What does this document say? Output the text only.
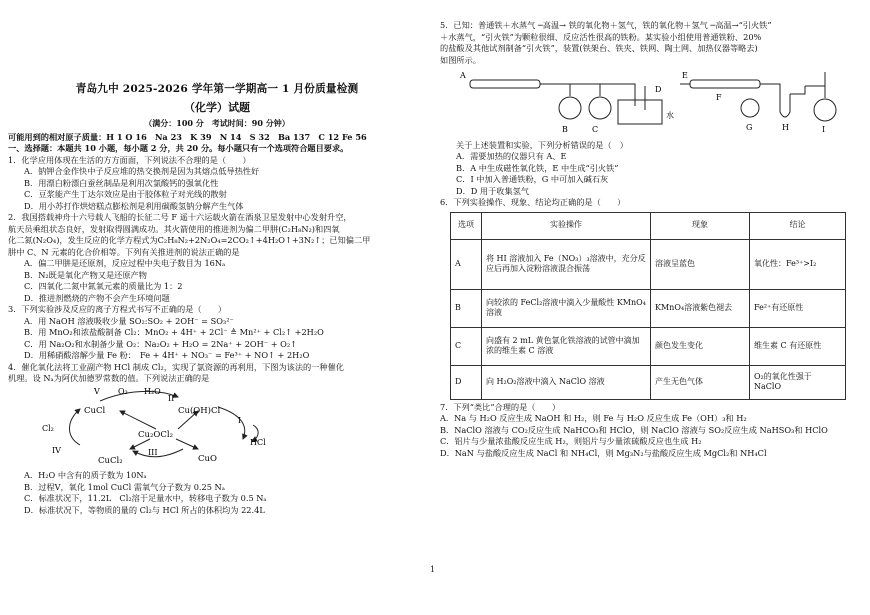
青岛九中 2025-2026 学年第一学期高一 1 月份质量检测
（化学）试题
（满分：100 分　考试时间：90 分钟）
可能用到的相对原子质量：H 1 O 16　Na 23　K 39　N 14　S 32　Ba 137　C 12 Fe 56
一、选择题：本题共 10 小题，每小题 2 分，共 20 分。每小题只有一个选项符合题目要求。
1．化学应用体现在生活的方方面面，下列说法不合理的是（　　）
A．钠钾合金作快中子反应堆的热交换剂是因为其熔点低导热性好
B．用漂白粉漂白蚕丝制品是利用次氯酸钙的强氧化性
C．豆浆能产生丁达尔效应是由于胶体粒子对光线的散射
D．用小苏打作烘焙糕点膨松剂是利用碳酸氢钠分解产生气体
2．我国搭载神舟十六号载人飞船的长征二号 F 遥十六运载火箭在酒泉卫星发射中心发射升空，
航天员乘组状态良好，发射取得圆满成功。其火箭使用的推进剂为偏二甲肼(C₂H₈N₂)和四氧
化二氮(N₂O₄)，发生反应的化学方程式为C₂H₈N₂+2N₂O₄=2CO₂↑+4H₂O↑+3N₂↑；已知偏二甲
肼中 C、N 元素的化合价相等。下列有关推进剂的说法正确的是
A．偏二甲肼是还原剂，反应过程中失电子数目为 16Nₐ
B．N₂既是氧化产物又是还原产物
C．四氧化二氮中氮氧元素的质量比为 1：2
D．推进剂燃烧的产物不会产生环境问题
3．下列实验涉及反应的离子方程式书写不正确的是（　　）
A．用 NaOH 溶液吸收少量 SO₂:SO₂ + 2OH⁻ = SO₃²⁻
B．用 MnO₂和浓盐酸制备 Cl₂：MnO₂ + 4H⁺ + 2Cl⁻ ≜ Mn²⁺ + Cl₂↑ +2H₂O
C．用 Na₂O₂和水制备少量 O₂：Na₂O₂ + H₂O = 2Na⁺ + 2OH⁻ + O₂↑
D．用稀硝酸溶解少量 Fe 粉：　Fe + 4H⁺ + NO₃⁻ = Fe³⁺ + NO↑ + 2H₂O
4．催化氧化法将工业副产物 HCl 制成 Cl₂，实现了氯资源的再利用，下图为该法的一种催化
机理。设 Nₐ为阿伏加德罗常数的值。下列说法正确的是
V O₂ H₂O
II
CuCl	Cu(OH)Cl
Cu₂OCl₂
Cl₂
IV
I
HCl
III
CuCl₂	CuO
A．H₂O 中含有的质子数为 10Nₐ
B．过程V，氧化 1mol CuCl 需氧气分子数为 0.25 Nₐ
C．标准状况下，11.2L　Cl₂溶于足量水中，转移电子数为 0.5 Nₐ
D．标准状况下，等物质的量的 Cl₂与 HCl 所占的体积均为 22.4L
5．已知：普通铁＋水蒸气 ─高温→ 铁的氧化物＋氢气，铁的氧化物＋氢气 ─高温→“引火铁”
＋水蒸气，“引火铁”为颗粒很细、反应活性很高的铁粉。某实验小组使用普通铁粉、20%
的盐酸及其他试剂制备“引火铁”，装置(铁架台、铁夹、铁网、陶土网、加热仪器等略去)
如图所示。
A
B	C
D
水
E
F
G	H	I
关于上述装置和实验，下列分析错误的是（　）
A．需要加热的仪器只有 A、E
B．A 中生成磁性氧化铁，E 中生成“引火铁”
C．I 中加入普通铁粉，G 中可加入碱石灰
D．D 用于收集氢气
6．下列实验操作、现象、结论均正确的是（　　）
选项	实验操作	现象	结论
A	将 HI 溶液加入 Fe（NO₃）₃溶液中，充分反应后再加入淀粉溶液混合振荡	溶液呈蓝色	氧化性：Fe³⁺>I₂
B	向较浓的 FeCl₂溶液中滴入少量酸性 KMnO₄溶液	KMnO₄溶液紫色褪去	Fe²⁺有还原性
C	向盛有 2 mL 黄色氯化铁溶液的试管中滴加浓的维生素 C 溶液	颜色发生变化	维生素 C 有还原性
D	向 H₂O₂溶液中滴入 NaClO 溶液	产生无色气体	O₂的氧化性强于 NaClO
7．下列“类比”合理的是（　　）
A．Na 与 H₂O 反应生成 NaOH 和 H₂，则 Fe 与 H₂O 反应生成 Fe（OH）₃和 H₂
B．NaClO 溶液与 CO₂反应生成 NaHCO₃和 HClO，则 NaClO 溶液与 SO₂反应生成 NaHSO₃和 HClO
C．铝片与少量浓盐酸反应生成 H₂，则铝片与少量浓硫酸反应也生成 H₂
D．NaN 与盐酸反应生成 NaCl 和 NH₄Cl，则 Mg₃N₂与盐酸反应生成 MgCl₂和 NH₄Cl
1
